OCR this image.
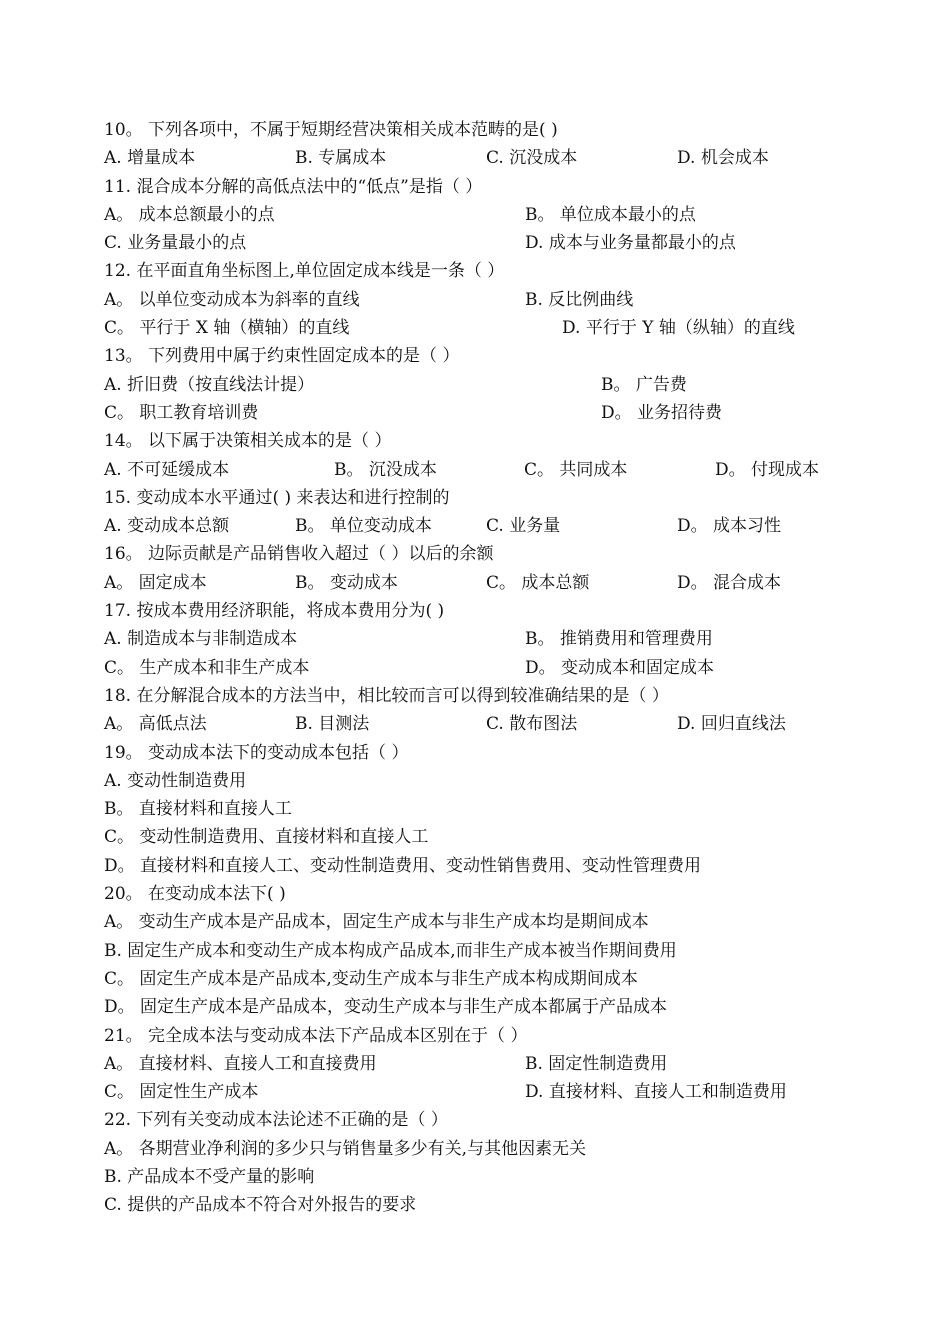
10。 下列各项中，不属于短期经营决策相关成本范畴的是( )
A. 增量成本	B. 专属成本	C. 沉没成本	D. 机会成本
11. 混合成本分解的高低点法中的“低点”是指（ ）
A。 成本总额最小的点	B。 单位成本最小的点
C. 业务量最小的点	D. 成本与业务量都最小的点
12. 在平面直角坐标图上,单位固定成本线是一条（ ）
A。 以单位变动成本为斜率的直线	B. 反比例曲线
C。 平行于 X 轴（横轴）的直线	D. 平行于 Y 轴（纵轴）的直线
13。 下列费用中属于约束性固定成本的是（ ）
A. 折旧费（按直线法计提）	B。 广告费
C。 职工教育培训费	D。 业务招待费
14。 以下属于决策相关成本的是（ ）
A. 不可延缓成本	B。 沉没成本	C。 共同成本	D。 付现成本
15. 变动成本水平通过( ) 来表达和进行控制的
A. 变动成本总额	B。 单位变动成本	C. 业务量	D。 成本习性
16。 边际贡献是产品销售收入超过（ ）以后的余额
A。 固定成本	B。 变动成本	C。 成本总额	D。 混合成本
17. 按成本费用经济职能，将成本费用分为( )
A. 制造成本与非制造成本	B。 推销费用和管理费用
C。 生产成本和非生产成本	D。 变动成本和固定成本
18. 在分解混合成本的方法当中，相比较而言可以得到较准确结果的是（ ）
A。 高低点法	B. 目测法	C. 散布图法	D. 回归直线法
19。 变动成本法下的变动成本包括（ ）
A. 变动性制造费用
B。 直接材料和直接人工
C。 变动性制造费用、直接材料和直接人工
D。 直接材料和直接人工、变动性制造费用、变动性销售费用、变动性管理费用
20。 在变动成本法下( )
A。 变动生产成本是产品成本，固定生产成本与非生产成本均是期间成本
B. 固定生产成本和变动生产成本构成产品成本,而非生产成本被当作期间费用
C。 固定生产成本是产品成本,变动生产成本与非生产成本构成期间成本
D。 固定生产成本是产品成本，变动生产成本与非生产成本都属于产品成本
21。 完全成本法与变动成本法下产品成本区别在于（ ）
A。 直接材料、直接人工和直接费用	B. 固定性制造费用
C。 固定性生产成本	D. 直接材料、直接人工和制造费用
22. 下列有关变动成本法论述不正确的是（ ）
A。 各期营业净利润的多少只与销售量多少有关,与其他因素无关
B. 产品成本不受产量的影响
C. 提供的产品成本不符合对外报告的要求
